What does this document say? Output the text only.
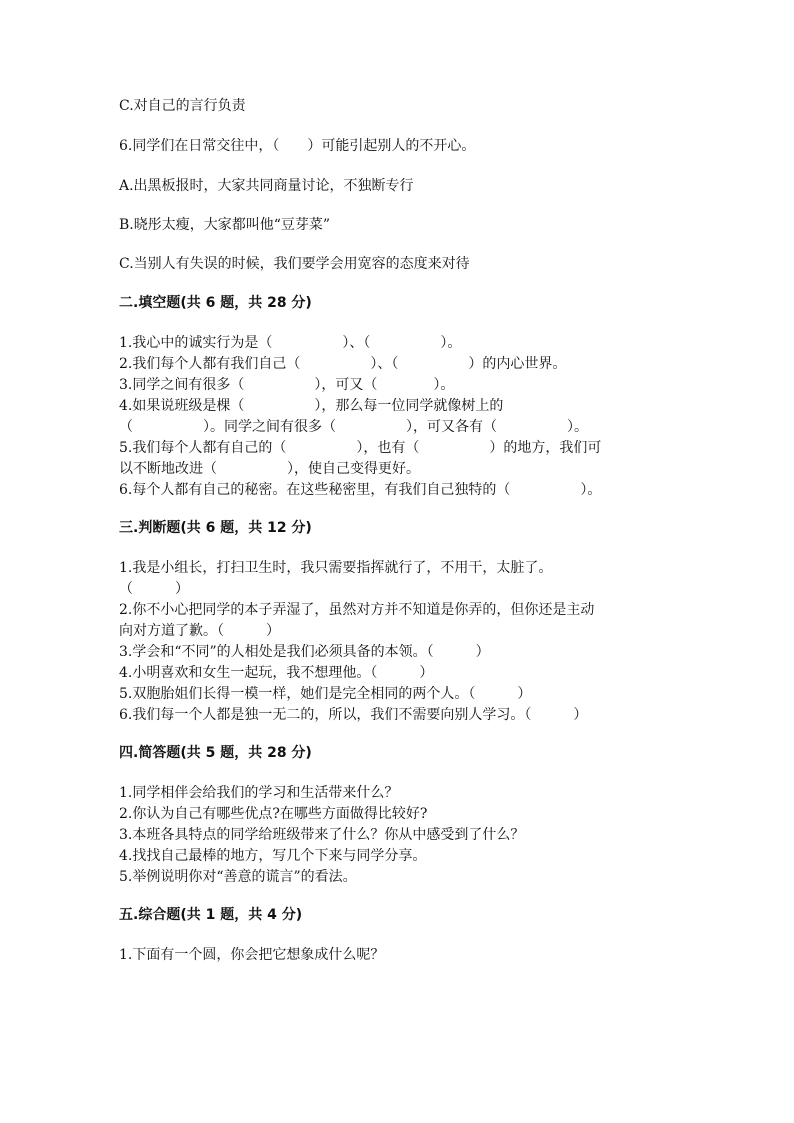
C.对自己的言行负责
6.同学们在日常交往中，（　　）可能引起别人的不开心。
A.出黑板报时，大家共同商量讨论，不独断专行
B.晓彤太瘦，大家都叫他“豆芽菜”
C.当别人有失误的时候，我们要学会用宽容的态度来对待
二.填空题(共 6 题，共 28 分)
1.我心中的诚实行为是（　　　　　）、（　　　　　）。
2.我们每个人都有我们自己（　　　　　）、（　　　　　）的内心世界。
3.同学之间有很多（　　　　　），可又（　　　　）。
4.如果说班级是棵（　　　　　），那么每一位同学就像树上的
（　　　　　）。同学之间有很多（　　　　　），可又各有（　　　　　）。
5.我们每个人都有自己的（　　　　　），也有（　　　　　）的地方，我们可
以不断地改进（　　　　　），使自己变得更好。
6.每个人都有自己的秘密。在这些秘密里，有我们自己独特的（　　　　　）。
三.判断题(共 6 题，共 12 分)
1.我是小组长，打扫卫生时，我只需要指挥就行了，不用干，太脏了。
（　　　）
2.你不小心把同学的本子弄湿了，虽然对方并不知道是你弄的，但你还是主动
向对方道了歉。（　　　）
3.学会和“不同”的人相处是我们必须具备的本领。（　　　）
4.小明喜欢和女生一起玩，我不想理他。（　　　）
5.双胞胎姐们长得一模一样，她们是完全相同的两个人。（　　　）
6.我们每一个人都是独一无二的，所以，我们不需要向别人学习。（　　　）
四.简答题(共 5 题，共 28 分)
1.同学相伴会给我们的学习和生活带来什么？
2.你认为自己有哪些优点?在哪些方面做得比较好?
3.本班各具特点的同学给班级带来了什么？你从中感受到了什么？
4.找找自己最棒的地方，写几个下来与同学分享。
5.举例说明你对“善意的谎言”的看法。
五.综合题(共 1 题，共 4 分)
1.下面有一个圆，你会把它想象成什么呢？
